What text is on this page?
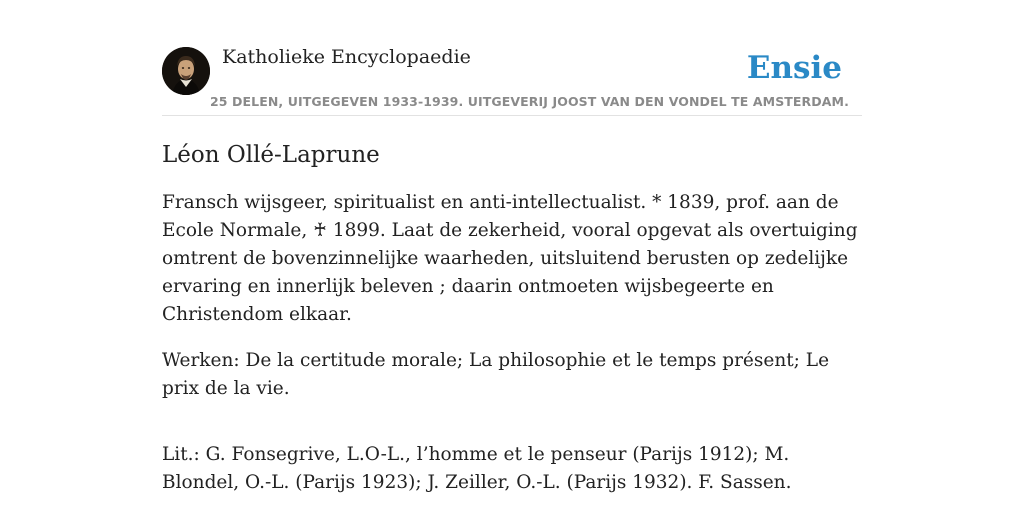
Katholieke Encyclopaedie	Ensie
25 DELEN, UITGEGEVEN 1933-1939. UITGEVERIJ JOOST VAN DEN VONDEL TE AMSTERDAM.
Léon Ollé-Laprune

Fransch wijsgeer, spiritualist en anti-intellectualist. * 1839, prof. aan de Ecole Normale, ♰ 1899. Laat de zekerheid, vooral opgevat als overtuiging omtrent de bovenzinnelijke waarheden, uitsluitend berusten op zedelijke ervaring en innerlijk beleven ; daarin ontmoeten wijsbegeerte en Christendom elkaar.

Werken: De la certitude morale; La philosophie et le temps présent; Le prix de la vie.

Lit.: G. Fonsegrive, L.O-L., l’homme et le penseur (Parijs 1912); M. Blondel, O.-L. (Parijs 1923); J. Zeiller, O.-L. (Parijs 1932). F. Sassen.
